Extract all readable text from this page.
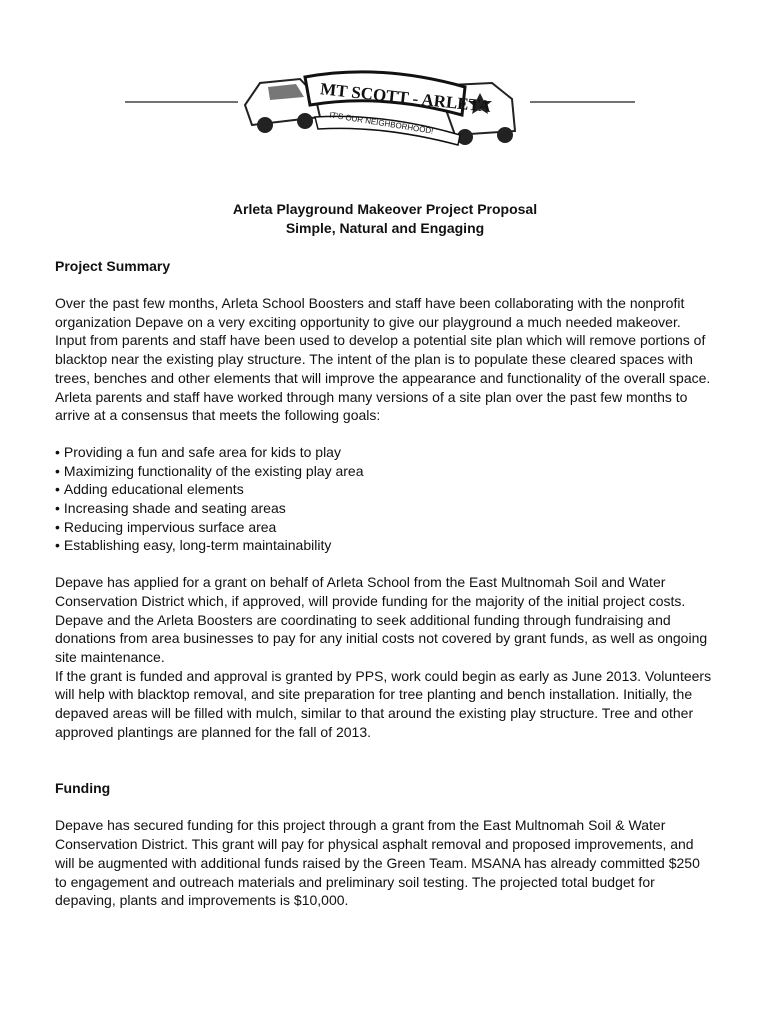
MT SCOTT - ARLETA
IT'S OUR NEIGHBORHOOD!
Arleta Playground Makeover Project Proposal
Simple, Natural and Engaging
Project Summary

Over the past few months, Arleta School Boosters and staff have been collaborating with the nonprofit organization Depave on a very exciting opportunity to give our playground a much needed makeover. Input from parents and staff have been used to develop a potential site plan which will remove portions of blacktop near the existing play structure. The intent of the plan is to populate these cleared spaces with trees, benches and other elements that will improve the appearance and functionality of the overall space. Arleta parents and staff have worked through many versions of a site plan over the past few months to arrive at a consensus that meets the following goals:

• Providing a fun and safe area for kids to play
• Maximizing functionality of the existing play area
• Adding educational elements
• Increasing shade and seating areas
• Reducing impervious surface area
• Establishing easy, long-term maintainability

Depave has applied for a grant on behalf of Arleta School from the East Multnomah Soil and Water Conservation District which, if approved, will provide funding for the majority of the initial project costs. Depave and the Arleta Boosters are coordinating to seek additional funding through fundraising and donations from area businesses to pay for any initial costs not covered by grant funds, as well as ongoing site maintenance.

If the grant is funded and approval is granted by PPS, work could begin as early as June 2013. Volunteers will help with blacktop removal, and site preparation for tree planting and bench installation. Initially, the depaved areas will be filled with mulch, similar to that around the existing play structure. Tree and other approved plantings are planned for the fall of 2013.

Funding

Depave has secured funding for this project through a grant from the East Multnomah Soil & Water Conservation District. This grant will pay for physical asphalt removal and proposed improvements, and will be augmented with additional funds raised by the Green Team. MSANA has already committed $250 to engagement and outreach materials and preliminary soil testing. The projected total budget for depaving, plants and improvements is $10,000.
